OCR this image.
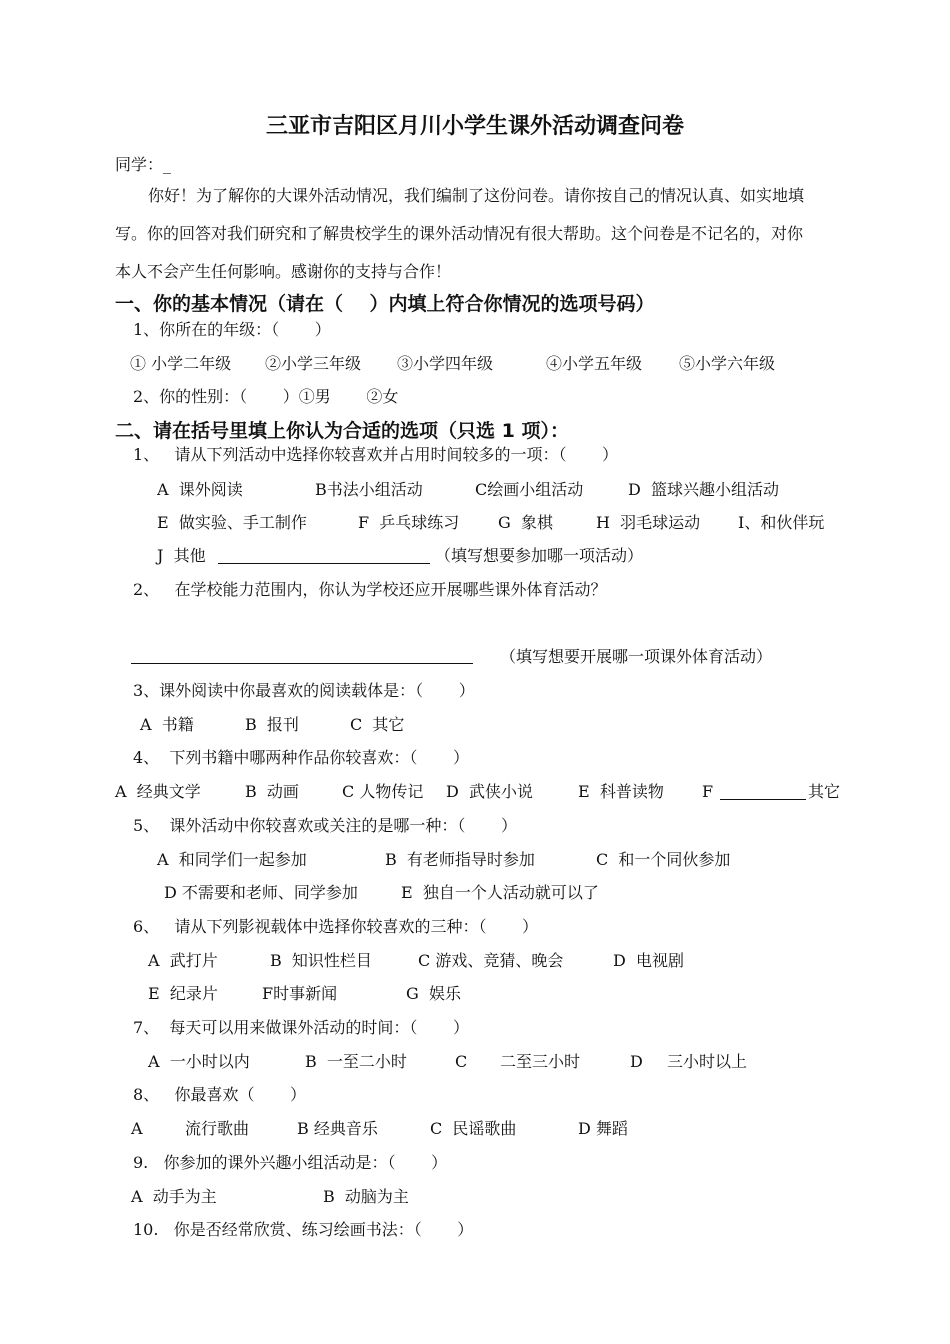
三亚市吉阳区月川小学生课外活动调查问卷
同学：_
你好！为了解你的大课外活动情况，我们编制了这份问卷。请你按自己的情况认真、如实地填
写。你的回答对我们研究和了解贵校学生的课外活动情况有很大帮助。这个问卷是不记名的，对你
本人不会产生任何影响。感谢你的支持与合作！
一、你的基本情况（请在（    ）内填上符合你情况的选项号码）
1、你所在的年级：（       ）
① 小学二年级 ②小学三年级 ③小学四年级	④小学五年级 ⑤小学六年级
2、你的性别：（       ）①男       ②女
二、请在括号里填上你认为合适的选项（只选 1 项）：
1、   请从下列活动中选择你较喜欢并占用时间较多的一项：（       ）
A  课外阅读	B书法小组活动	C绘画小组活动	D  篮球兴趣小组活动
E  做实验、手工制作	F  乒乓球练习 G  象棋	H  羽毛球运动 I、和伙伴玩
J  其他	（填写想要参加哪一项活动）
2、   在学校能力范围内，你认为学校还应开展哪些课外体育活动？
（填写想要开展哪一项课外体育活动）
3、课外阅读中你最喜欢的阅读载体是：（       ）
A  书籍	B  报刊	C  其它
4、  下列书籍中哪两种作品你较喜欢：（       ）
A  经典文学	B  动画	C 人物传记 D  武侠小说	E  科普读物 F	其它
5、  课外活动中你较喜欢或关注的是哪一种：（       ）
A  和同学们一起参加	B  有老师指导时参加	C  和一个同伙参加
D 不需要和老师、同学参加	E  独自一个人活动就可以了
6、   请从下列影视载体中选择你较喜欢的三种：（       ）
A  武打片	B  知识性栏目	C 游戏、竞猜、晚会	D  电视剧
E  纪录片	F时事新闻	G  娱乐
7、  每天可以用来做课外活动的时间：（       ）
A  一小时以内	B  一至二小时	C 二至三小时	D 三小时以上
8、   你最喜欢（       ）
A	流行歌曲	B 经典音乐	C  民谣歌曲	D 舞蹈
9.   你参加的课外兴趣小组活动是：（       ）
A  动手为主	B  动脑为主
10.   你是否经常欣赏、练习绘画书法：（       ）
